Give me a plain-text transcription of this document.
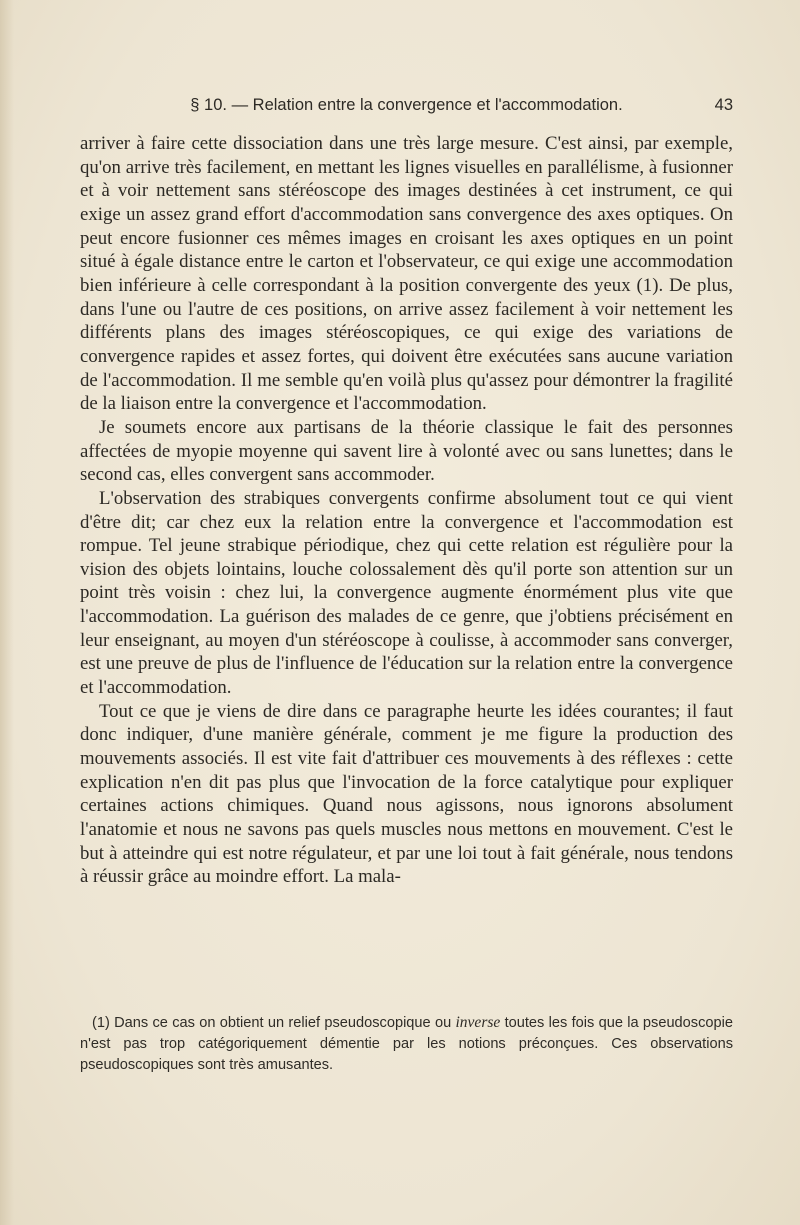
§ 10. — Relation entre la convergence et l'accommodation.	43

arriver à faire cette dissociation dans une très large mesure. C'est ainsi, par exemple, qu'on arrive très facilement, en mettant les lignes visuelles en parallélisme, à fusionner et à voir nettement sans stéréoscope des images destinées à cet instrument, ce qui exige un assez grand effort d'accommodation sans convergence des axes optiques. On peut encore fusionner ces mêmes images en croisant les axes optiques en un point situé à égale distance entre le carton et l'observateur, ce qui exige une accommodation bien inférieure à celle correspondant à la position convergente des yeux (1). De plus, dans l'une ou l'autre de ces positions, on arrive assez facilement à voir nettement les différents plans des images stéréoscopiques, ce qui exige des variations de convergence rapides et assez fortes, qui doivent être exécutées sans aucune variation de l'accommodation. Il me semble qu'en voilà plus qu'assez pour démontrer la fragilité de la liaison entre la convergence et l'accommodation.

Je soumets encore aux partisans de la théorie classique le fait des personnes affectées de myopie moyenne qui savent lire à volonté avec ou sans lunettes; dans le second cas, elles convergent sans accommoder.

L'observation des strabiques convergents confirme absolument tout ce qui vient d'être dit; car chez eux la relation entre la convergence et l'accommodation est rompue. Tel jeune strabique périodique, chez qui cette relation est régulière pour la vision des objets lointains, louche colossalement dès qu'il porte son attention sur un point très voisin : chez lui, la convergence augmente énormément plus vite que l'accommodation. La guérison des malades de ce genre, que j'obtiens précisément en leur enseignant, au moyen d'un stéréoscope à coulisse, à accommoder sans converger, est une preuve de plus de l'influence de l'éducation sur la relation entre la convergence et l'accommodation.

Tout ce que je viens de dire dans ce paragraphe heurte les idées courantes; il faut donc indiquer, d'une manière générale, comment je me figure la production des mouvements associés. Il est vite fait d'attribuer ces mouvements à des réflexes : cette explication n'en dit pas plus que l'invocation de la force catalytique pour expliquer certaines actions chimiques. Quand nous agissons, nous ignorons absolument l'anatomie et nous ne savons pas quels muscles nous mettons en mouvement. C'est le but à atteindre qui est notre régulateur, et par une loi tout à fait générale, nous tendons à réussir grâce au moindre effort. La mala-

(1) Dans ce cas on obtient un relief pseudoscopique ou inverse toutes les fois que la pseudoscopie n'est pas trop catégoriquement démentie par les notions préconçues. Ces observations pseudoscopiques sont très amusantes.
